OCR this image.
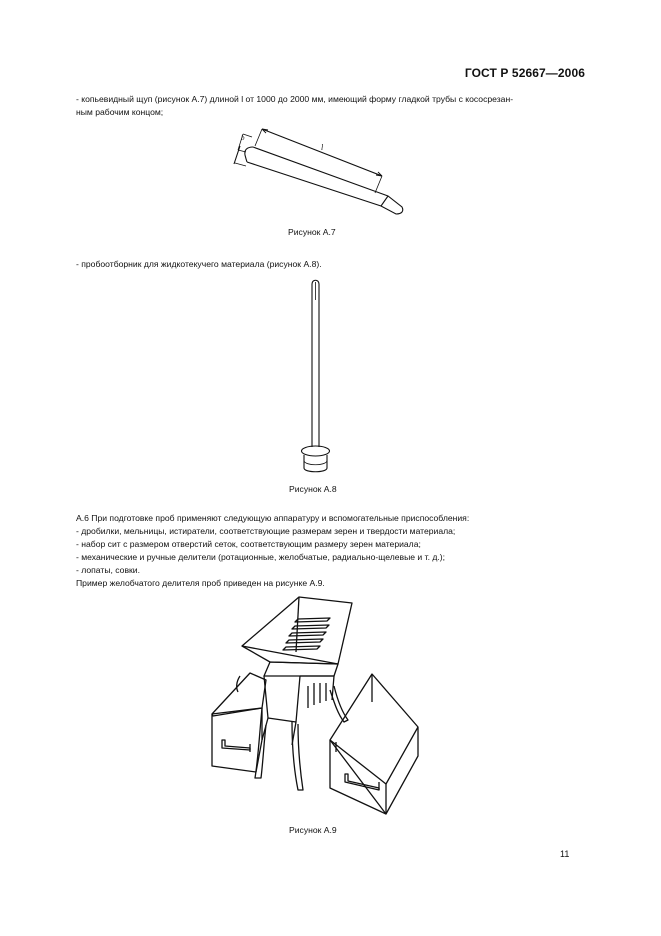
ГОСТ Р 52667—2006
- копьевидный щуп (рисунок А.7) длиной l от 1000 до 2000 мм, имеющий форму гладкой трубы с кососрезан-
ным рабочим концом;
l
b
Рисунок А.7
- пробоотборник для жидкотекучего материала (рисунок А.8).
Рисунок А.8
А.6 При подготовке проб применяют следующую аппаратуру и вспомогательные приспособления:
- дробилки, мельницы, истиратели, соответствующие размерам зерен и твердости материала;
- набор сит с размером отверстий сеток, соответствующим размеру зерен материала;
- механические и ручные делители (ротационные, желобчатые, радиально-щелевые и т. д.);
- лопаты, совки.
Пример желобчатого делителя проб приведен на рисунке А.9.
Рисунок А.9
11
